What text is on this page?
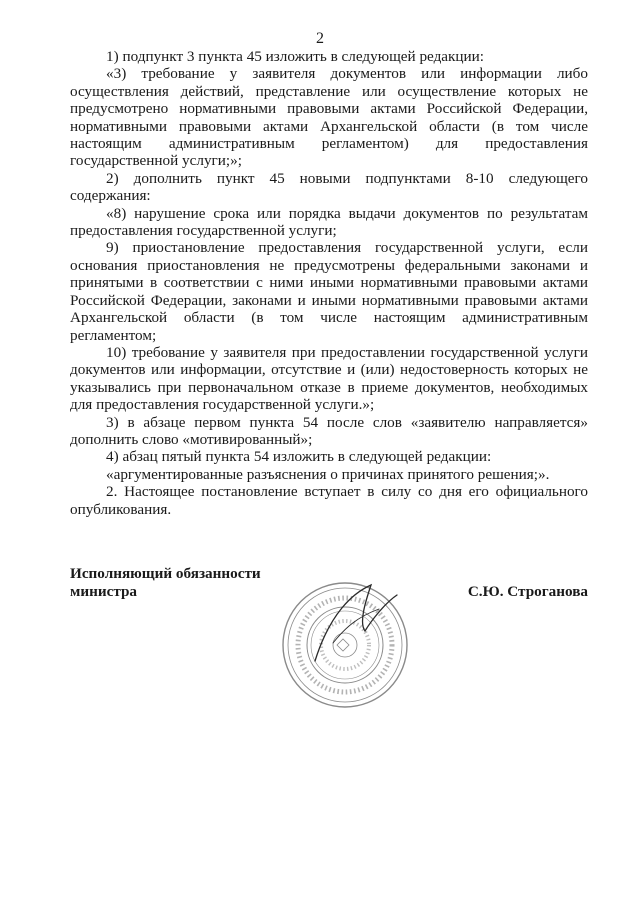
2

1) подпункт 3 пункта 45 изложить в следующей редакции:

«3) требование у заявителя документов или информации либо осуществления действий, представление или осуществление которых не предусмотрено нормативными правовыми актами Российской Федерации, нормативными правовыми актами Архангельской области (в том числе настоящим административным регламентом) для предоставления государственной услуги;»;

2) дополнить пункт 45 новыми подпунктами 8-10 следующего содержания:

«8) нарушение срока или порядка выдачи документов по результатам предоставления государственной услуги;

9) приостановление предоставления государственной услуги, если основания приостановления не предусмотрены федеральными законами и принятыми в соответствии с ними иными нормативными правовыми актами Российской Федерации, законами и иными нормативными правовыми актами Архангельской области (в том числе настоящим административным регламентом;

10) требование у заявителя при предоставлении государственной услуги документов или информации, отсутствие и (или) недостоверность которых не указывались при первоначальном отказе в приеме документов, необходимых для предоставления государственной услуги.»;

3) в абзаце первом пункта 54 после слов «заявителю направляется» дополнить слово «мотивированный»;

4) абзац пятый пункта 54 изложить в следующей редакции:

«аргументированные разъяснения о причинах принятого решения;».

2. Настоящее постановление вступает в силу со дня его официального опубликования.

Исполняющий обязанности
министра	С.Ю. Строганова
